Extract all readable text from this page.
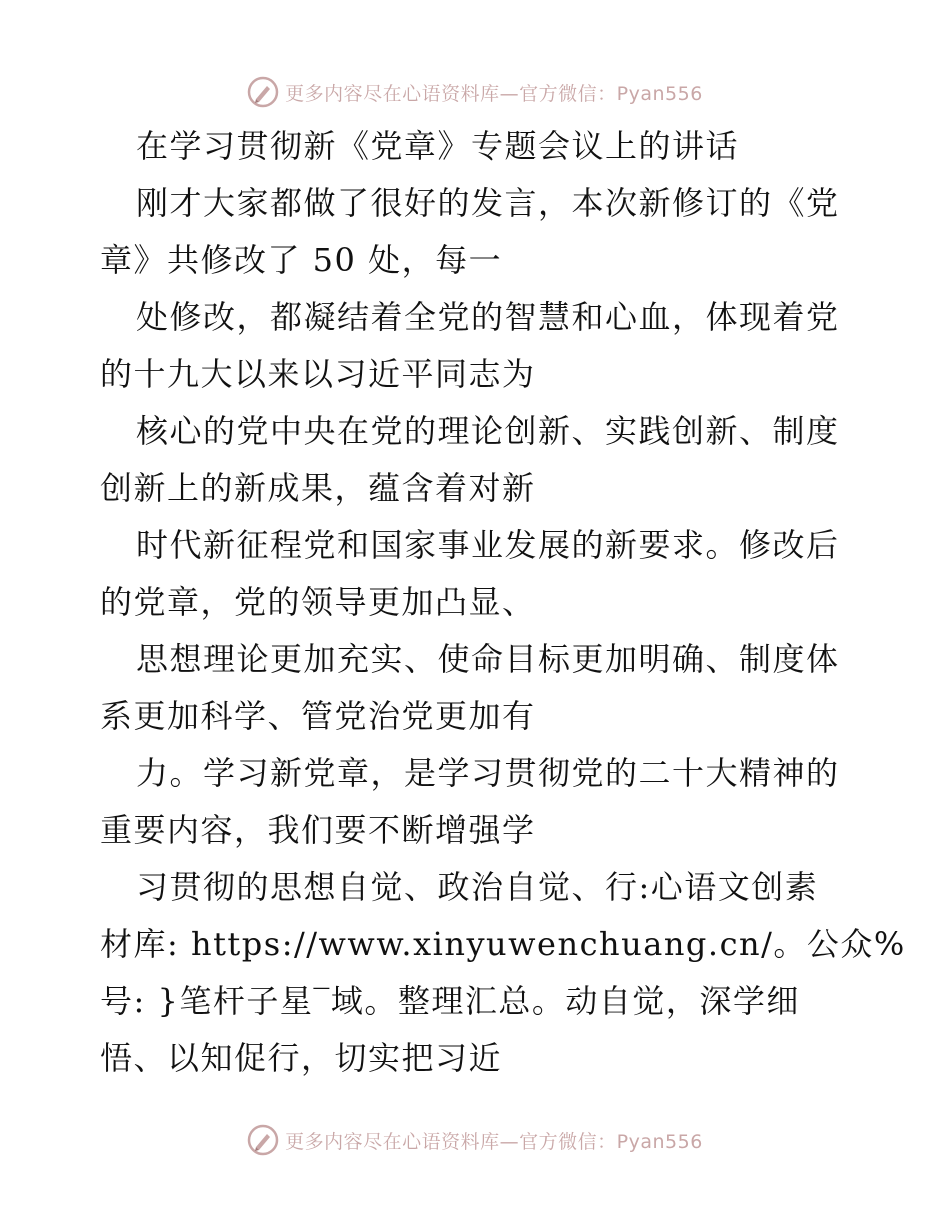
更多内容尽在心语资料库—官方微信：Pyan556
在学习贯彻新《党章》专题会议上的讲话
刚才大家都做了很好的发言，本次新修订的《党
章》共修改了 50 处，每一
处修改，都凝结着全党的智慧和心血，体现着党
的十九大以来以习近平同志为
核心的党中央在党的理论创新、实践创新、制度
创新上的新成果，蕴含着对新
时代新征程党和国家事业发展的新要求。修改后
的党章，党的领导更加凸显、
思想理论更加充实、使命目标更加明确、制度体
系更加科学、管党治党更加有
力。学习新党章，是学习贯彻党的二十大精神的
重要内容，我们要不断增强学
习贯彻的思想自觉、政治自觉、行:心语文创素
材库: https://www.xinyuwenchuang.cn/。公众%
号: }笔杆子星‾域。整理汇总。动自觉，深学细
悟、以知促行，切实把习近
更多内容尽在心语资料库—官方微信：Pyan556
